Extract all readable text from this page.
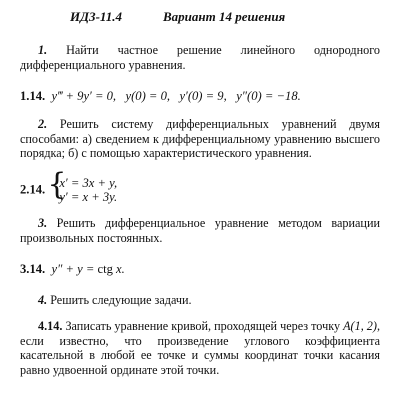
ИДЗ-11.4	Вариант 14 решения

1. Найти частное решение линейного однородного дифференциального уравнения.

1.14. y‴ + 9y′ = 0, y(0) = 0, y′(0) = 9, y″(0) = −18.

2. Решить систему дифференциальных уравнений двумя способами: а) сведением к дифференциальному уравнению высшего порядка; б) с помощью характеристического уравнения.

2.14. {
x′ = 3x + y,
y′ = x + 3y.

3. Решить дифференциальное уравнение методом вариации произвольных постоянных.

3.14. y″ + y = ctg x.

4. Решить следующие задачи.

4.14. Записать уравнение кривой, проходящей через точку A(1, 2), если известно, что произведение углового коэффициента касательной в любой ее точке и суммы координат точки касания равно удвоенной ординате этой точки.
